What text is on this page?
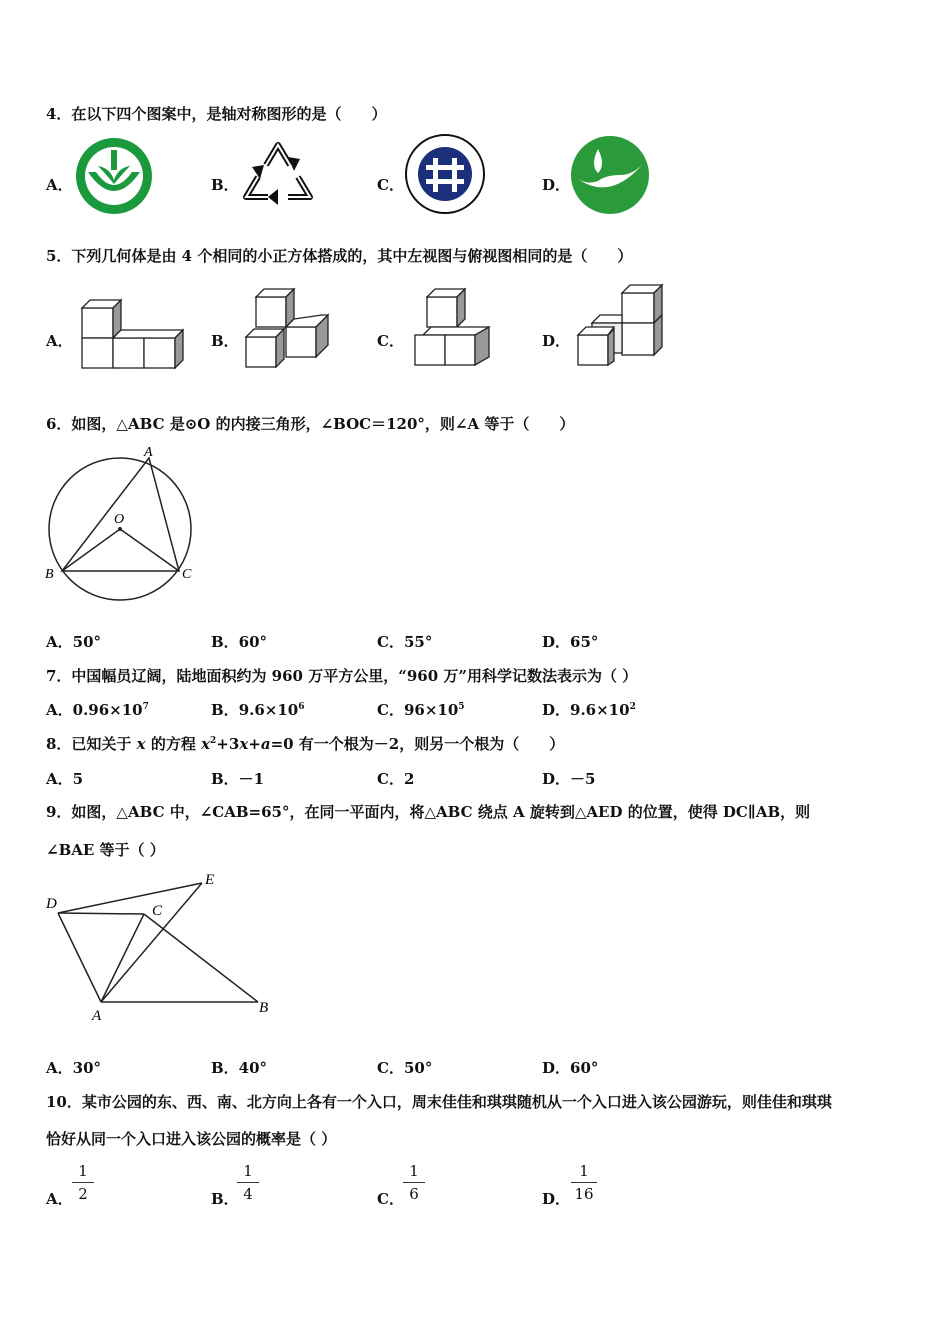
4．在以下四个图案中，是轴对称图形的是（　　）
A．	B．	C．	D．
5．下列几何体是由 4 个相同的小正方体搭成的，其中左视图与俯视图相同的是（　　）
A．	B．	C．	D．
6．如图，△ABC 是⊙O 的内接三角形，∠BOC＝120°，则∠A 等于（　　）
A
B	C
O
A．50°	B．60°	C．55°	D．65°
7．中国幅员辽阔，陆地面积约为 960 万平方公里，“960 万”用科学记数法表示为（ ）
A．$0.96\times 10^7$	B．$9.6\times 10^6$	C．$96\times 10^5$	D．$9.6\times 10^2$
8．已知关于 x 的方程 $x^2+3x+a=0$ 有一个根为－2，则另一个根为（　　）
A．5	B．－1	C．2	D．－5
9．如图，△ABC 中，∠CAB=65°，在同一平面内，将△ABC 绕点 A 旋转到△AED 的位置，使得 DC∥AB，则
∠BAE 等于（ ）
D
E
C
A	B
A．30°	B．40°	C．50°	D．60°
10．某市公园的东、西、南、北方向上各有一个入口，周末佳佳和琪琪随机从一个入口进入该公园游玩，则佳佳和琪琪
恰好从同一个入口进入该公园的概率是（ ）
A．
1
2	B．
1
4	C．
1
6	D．
1
16
